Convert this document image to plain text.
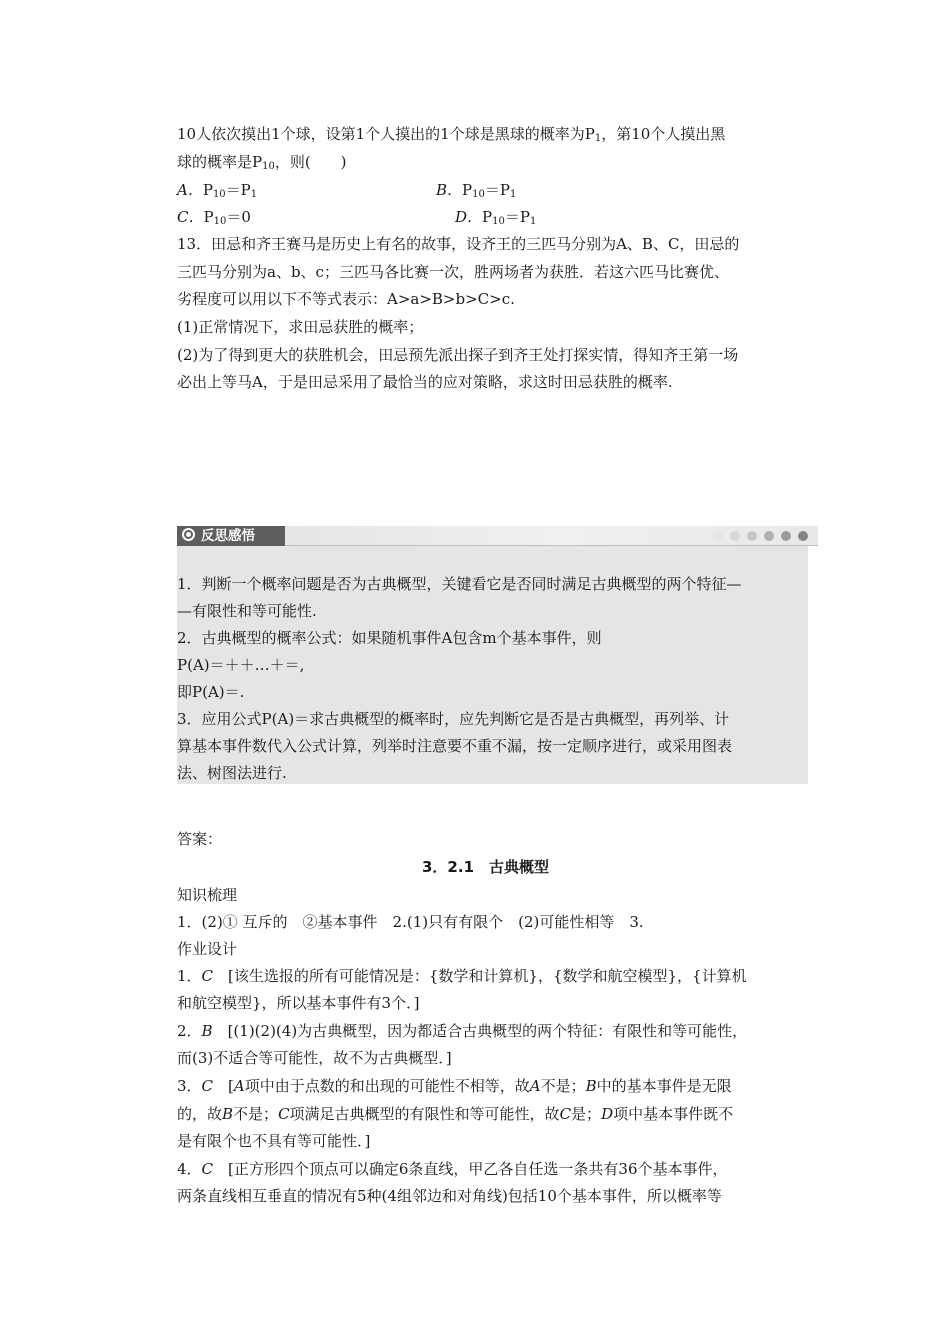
10人依次摸出1个球，设第1个人摸出的1个球是黑球的概率为$P_1$，第10个人摸出黑
球的概率是$P_{10}$，则(　　)
A．$P_{10}=P_1$	B．$P_{10}=P_1$
C．$P_{10}=0$	D．$P_{10}=P_1$
13．田忌和齐王赛马是历史上有名的故事，设齐王的三匹马分别为A、B、C，田忌的
三匹马分别为a、b、c；三匹马各比赛一次，胜两场者为获胜．若这六匹马比赛优、
劣程度可以用以下不等式表示：A>a>B>b>C>c.
(1)正常情况下，求田忌获胜的概率；
(2)为了得到更大的获胜机会，田忌预先派出探子到齐王处打探实情，得知齐王第一场
必出上等马A，于是田忌采用了最恰当的应对策略，求这时田忌获胜的概率.
反思感悟
1．判断一个概率问题是否为古典概型，关键看它是否同时满足古典概型的两个特征—
—有限性和等可能性.
2．古典概型的概率公式：如果随机事件A包含m个基本事件，则
P(A)＝＋＋…＋＝,
即P(A)＝.
3．应用公式P(A)＝求古典概型的概率时，应先判断它是否是古典概型，再列举、计
算基本事件数代入公式计算，列举时注意要不重不漏，按一定顺序进行，或采用图表
法、树图法进行.
答案：
3．2.1　古典概型
知识梳理
1．(2)① 互斥的　②基本事件　2.(1)只有有限个　(2)可能性相等　3.
作业设计
1．C　[该生选报的所有可能情况是：{数学和计算机}，{数学和航空模型}，{计算机
和航空模型}，所以基本事件有3个．]
2．B　[(1)(2)(4)为古典概型，因为都适合古典概型的两个特征：有限性和等可能性，
而(3)不适合等可能性，故不为古典概型．]
3．C　[A项中由于点数的和出现的可能性不相等，故A不是；B中的基本事件是无限
的，故B不是；C项满足古典概型的有限性和等可能性，故C是；D项中基本事件既不
是有限个也不具有等可能性．]
4．C　[正方形四个顶点可以确定6条直线，甲乙各自任选一条共有36个基本事件，
两条直线相互垂直的情况有5种(4组邻边和对角线)包括10个基本事件，所以概率等
